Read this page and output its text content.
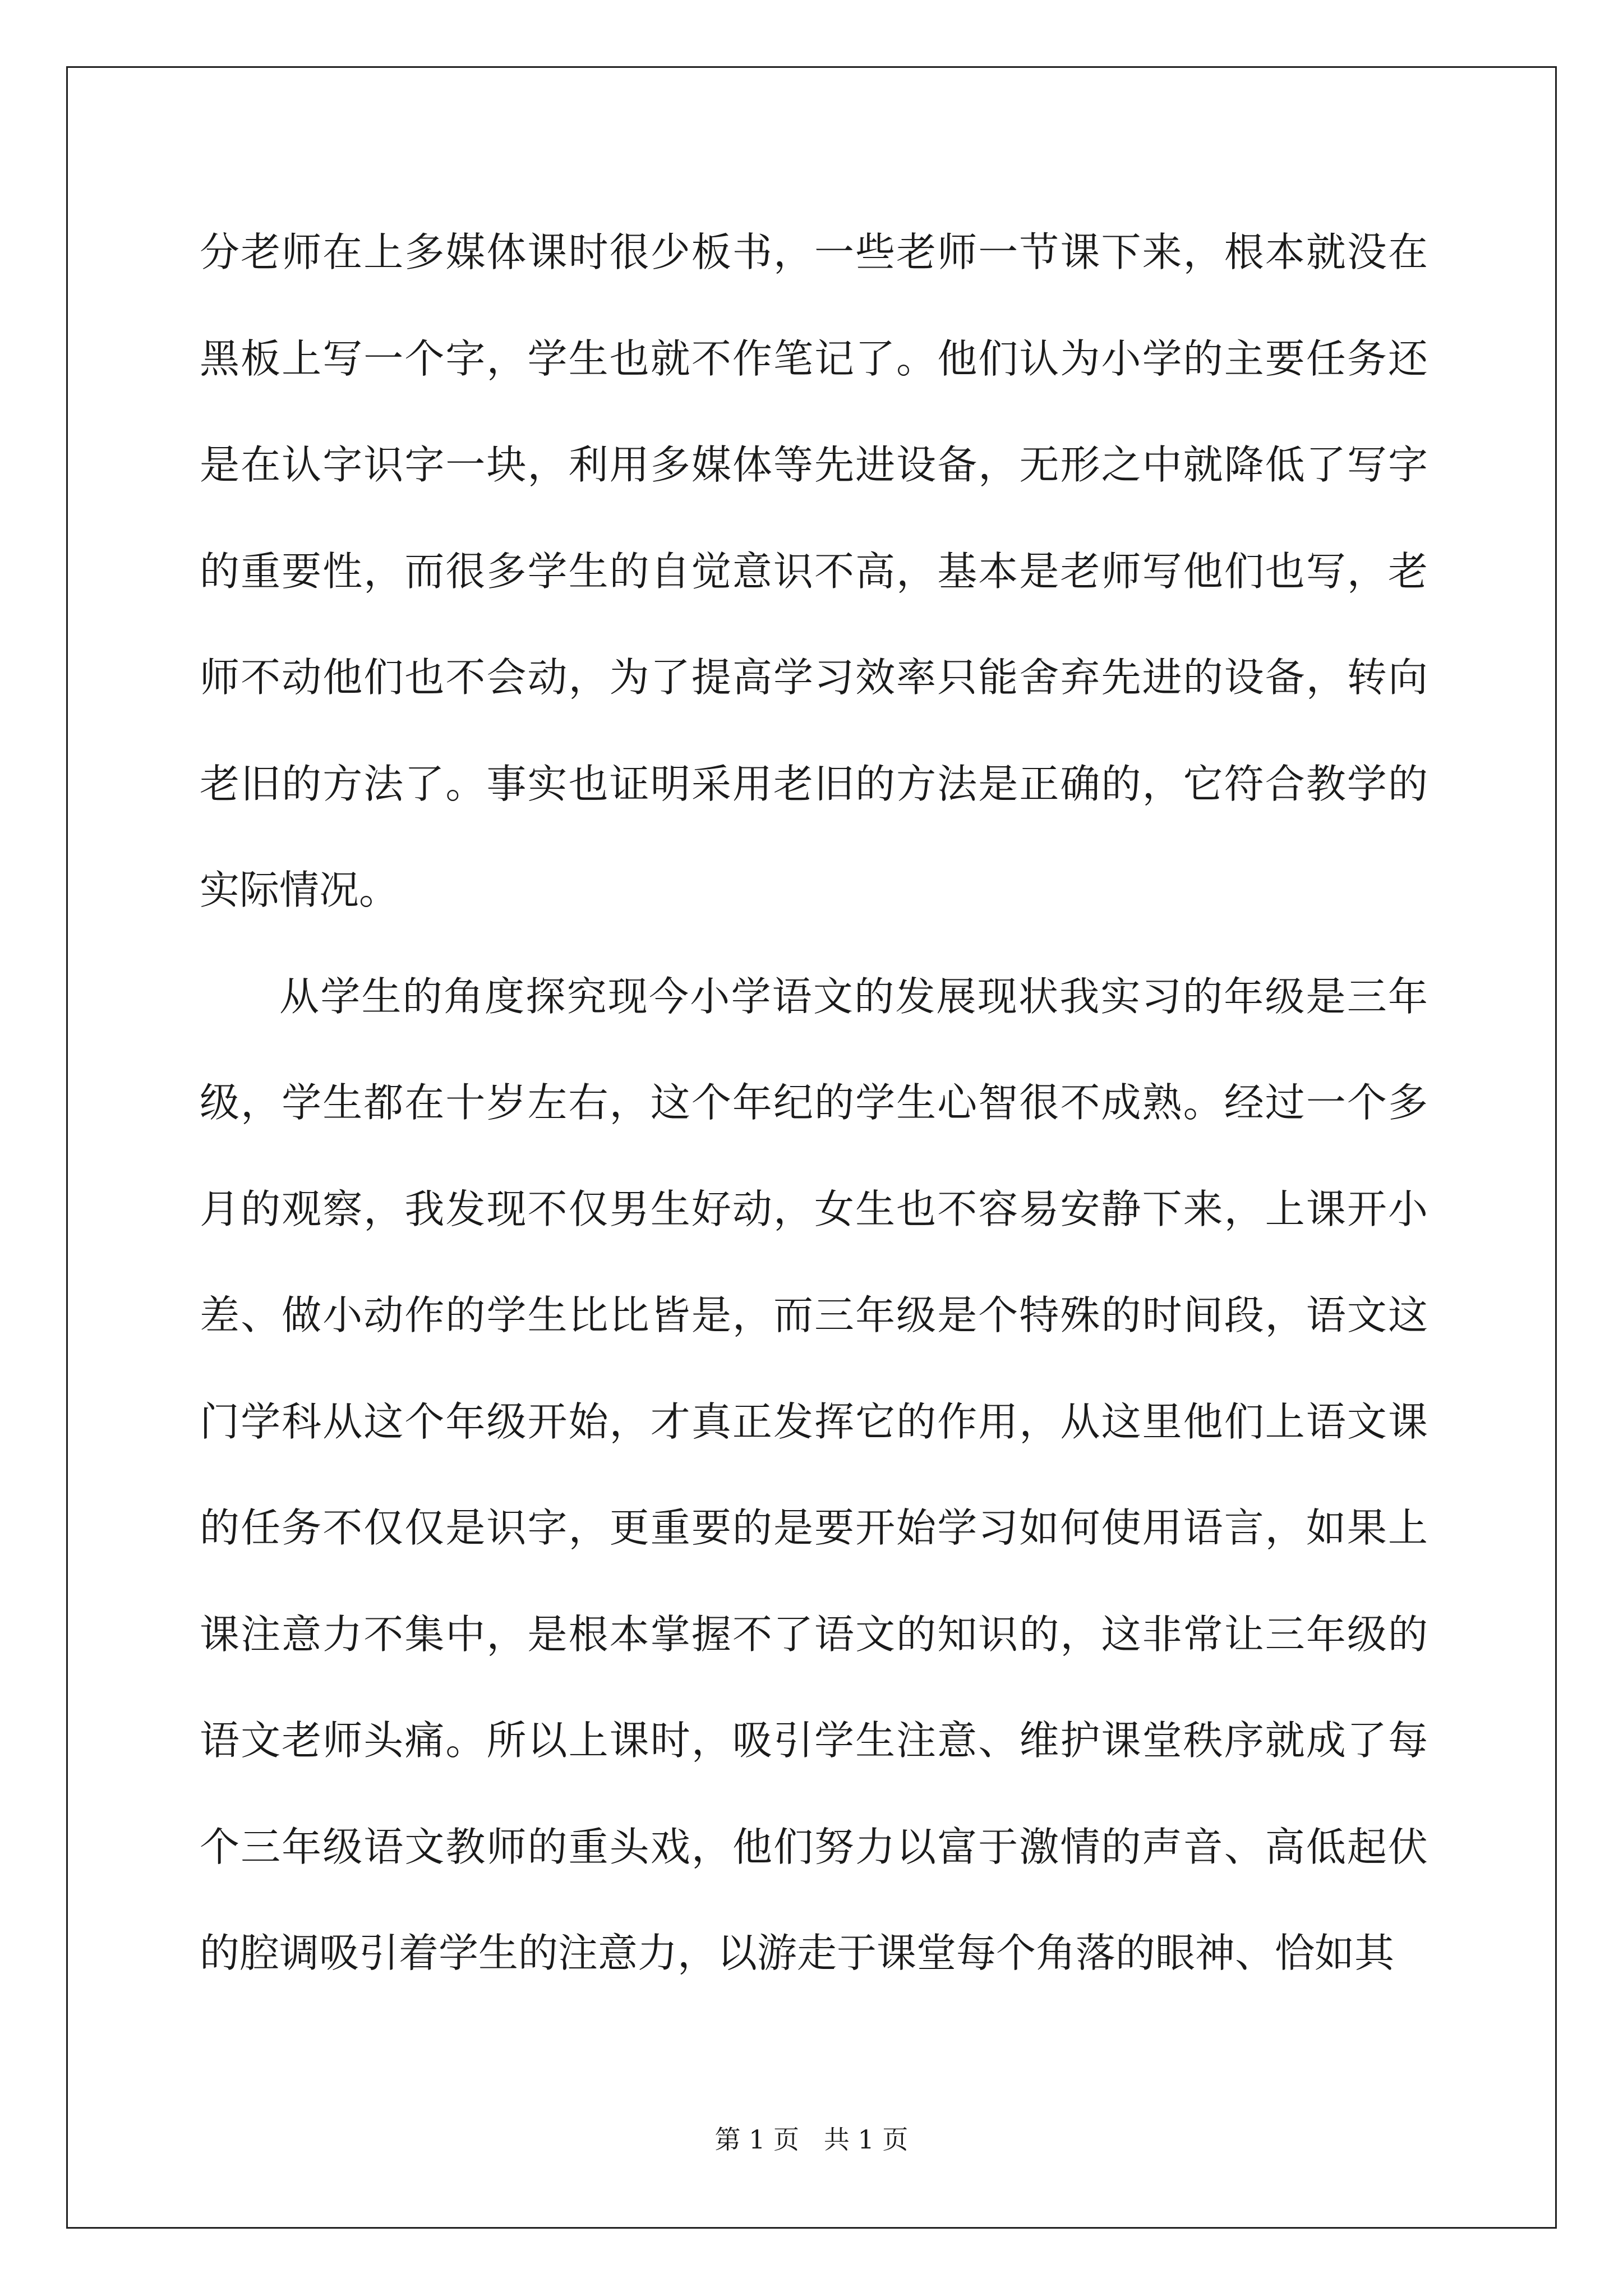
分老师在上多媒体课时很少板书，一些老师一节课下来，根本就没在黑板上写一个字，学生也就不作笔记了。他们认为小学的主要任务还是在认字识字一块，利用多媒体等先进设备，无形之中就降低了写字的重要性，而很多学生的自觉意识不高，基本是老师写他们也写，老师不动他们也不会动，为了提高学习效率只能舍弃先进的设备，转向老旧的方法了。事实也证明采用老旧的方法是正确的，它符合教学的实际情况。

从学生的角度探究现今小学语文的发展现状我实习的年级是三年级，学生都在十岁左右，这个年纪的学生心智很不成熟。经过一个多月的观察，我发现不仅男生好动，女生也不容易安静下来，上课开小差、做小动作的学生比比皆是，而三年级是个特殊的时间段，语文这门学科从这个年级开始，才真正发挥它的作用，从这里他们上语文课的任务不仅仅是识字，更重要的是要开始学习如何使用语言，如果上课注意力不集中，是根本掌握不了语文的知识的，这非常让三年级的语文老师头痛。所以上课时，吸引学生注意、维护课堂秩序就成了每个三年级语文教师的重头戏，他们努力以富于激情的声音、高低起伏的腔调吸引着学生的注意力，以游走于课堂每个角落的眼神、恰如其

第 1 页   共 1 页
